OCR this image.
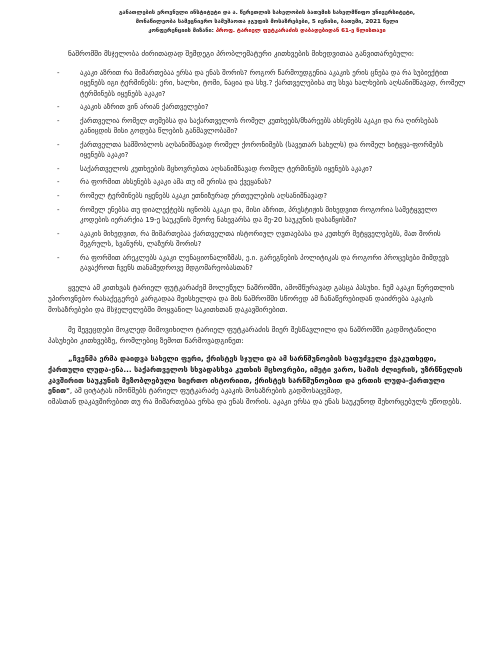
განათლების ეროვნული ინსტიტუტი და ა. წერეთლის სახელობის ბათუმის სახელმწიფო უნივერსიტეტი,
მონაწილეობა სამეცნიერო სამუშაოთა ჯგუფის მოსაზრებები, 5 ივნისი, ბათუმი, 2021 წელი
კონფერენციის მიზანი: პროფ. ტარიელ ფუტკარაძის დაბადებიდან 61-ე წლისთავი

ნაშრომში მსჯელობა ძირითადად შემდეგი პრობლემატური კითხვების მიხედვითაა განვითარებული:

-	აკაკი აზრით რა მიმართებაა ერსა და ენას შორის? როგორ წარმოუდგენია აკაკის ერის ცნება და რა სუბიექტით იყენებს იგი ტერმინებს: ერი, ხალხი, ტომი, ნაცია და სხვ.? ქართველებისა თუ სხვა ხალხების აღსანიშნავად, რომელ ტერმინებს იყენებს აკაკი?
-	აკაკის აზრით ვინ არიან ქართველები?
-	ქართველია რომელ თემებსა და საქართველოს რომელ კუთხეებს/მხარეებს ახსენებს აკაკი და რა ღირსებას განიცდის მისი გოდება წლების განმავლობაში?
-	ქართველთა სამშობლოს აღსანიშნავად რომელ ქორონიმებს (სავეთარ სახელს) და რომელ სიტყვა-ფორმებს იყენებს აკაკი?
-	საქართველოს კუთხეების მცხოვრებთა აღსანიშნავად რომელ ტერმინებს იყენებს აკაკი?
-	რა ფორმით ახსენებს აკაკი ამა თუ იმ ერისა და ქვეყანას?
-	რომელ ტერმინებს იყენებს აკაკი ეთნიზურად ერთეულების აღსანიშნავად?
-	რომელ ენებსა თუ დიალექტებს იცნობს აკაკი და, მისი აზრით, პრესტიჟის მიხედვით როგორია სამეტყველო კოდების იერარქია 19-ე საუკუნის მეორე ნახევარსა და მე-20 საუკუნის დასაწყისში?
-	აკაკის მიხედვით, რა მიმართებაა ქართველთა ისტორიულ ღვთაებასა და კუთხურ მეტყველებებს, მათ შორის მეგრულს, სვანურს, ლაზურს შორის?
-	რა ფორმით არეკლებს აკაკი ლენაციონალიზმას, ე.ი. გარეგნების პოლიტიკას და როგორი პროცესები მიმდევს გავაქროთ ჩვენს თანამედროვე მდგომარეობასთან?

ყველა ამ კითხვას ტარიელ ფუტკარაძემ მოლეწულ ნაშრომში, ამომწურავად გასცა პასუხი. ჩემ აკაკი წერეთლის უპიროვნებო რასაქეგერებ კარგადაა მეისხელდა და მის ნაშრომში სწორედ ამ ჩანაწერებიდან დაიძრება აკაკის მოსაზრებები და მსჯელელებში მოყვანილ საკითხთან დაკავშირებით.

მე შევეცდები მოკლედ მიმოვიხილო ტარიელ ფუტკარაძის მიერ შესწავლილი და ნაშრომში გადმოტანილი პასუხები კითხვებზე, რომლებიც ზემოთ წარმოვადგინეთ:

„ჩვენმა ერმა დაიდვა სახელი ფერი, ქრისტეს სჯული და ამ სარწმუნოების საფუძველი ქვაკუთხედი, ქართული ლუდა-ენა... საქართველოს სხვადასხვა კუთხის მცხოვრები, იმეტი ვარო, სამის ძლიერის, უზრწნელის კავშირით საუკუნის მეზობლებული სიერთო ისტორიით, ქრისტეს სარწმუნოებით და ერთის ლუდა-ქართული ენით", ამ ციტატას იმოწმებს ტარიელ ფუტკარაძე აკაკის მოსაზრების გადმოსაცემად,

იმასთან დაკავშირებით თუ რა მიმართებაა ერსა და ენას შორის. აკაკი ერსა და ენას საუკუნოდ შეხორცებულს უწოდებს.
